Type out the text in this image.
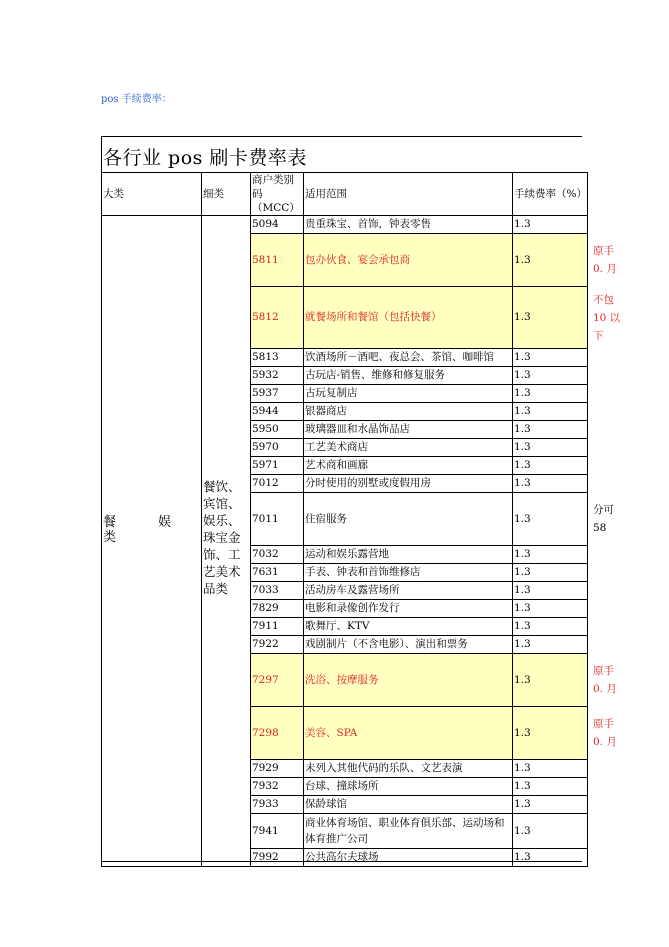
pos 手续费率：
各行业 pos 刷卡费率表
大类	细类	商户类别码（MCC）	适用范围	手续费率（%）	

餐 娱
类	餐饮、宾馆、娱乐、珠宝金饰、工艺美术品类	5094	贵重珠宝、首饰，钟表零售	1.3	
		5811	包办伙食、宴会承包商	1.3	原手 0. 月
		5812	就餐场所和餐馆（包括快餐）	1.3	不包 10 以下
		5813	饮酒场所－酒吧、夜总会、茶馆、咖啡馆	1.3	
		5932	古玩店-销售、维修和修复服务	1.3	
		5937	古玩复制店	1.3	
		5944	银器商店	1.3	
		5950	玻璃器皿和水晶饰品店	1.3	
		5970	工艺美术商店	1.3	
		5971	艺术商和画廊	1.3	
		7012	分时使用的别墅或度假用房	1.3	
		7011	住宿服务	1.3	分可 58
		7032	运动和娱乐露营地	1.3	
		7631	手表、钟表和首饰维修店	1.3	
		7033	活动房车及露营场所	1.3	
		7829	电影和录像创作发行	1.3	
		7911	歌舞厅、KTV	1.3	
		7922	戏剧制片（不含电影）、演出和票务	1.3	
		7297	洗浴、按摩服务	1.3	原手 0. 月
		7298	美容、SPA	1.3	原手 0. 月
		7929	未列入其他代码的乐队、文艺表演	1.3	
		7932	台球、撞球场所	1.3	
		7933	保龄球馆	1.3	
		7941	商业体育场馆、职业体育俱乐部、运动场和体育推广公司	1.3	
		7992	公共高尔夫球场	1.3	
